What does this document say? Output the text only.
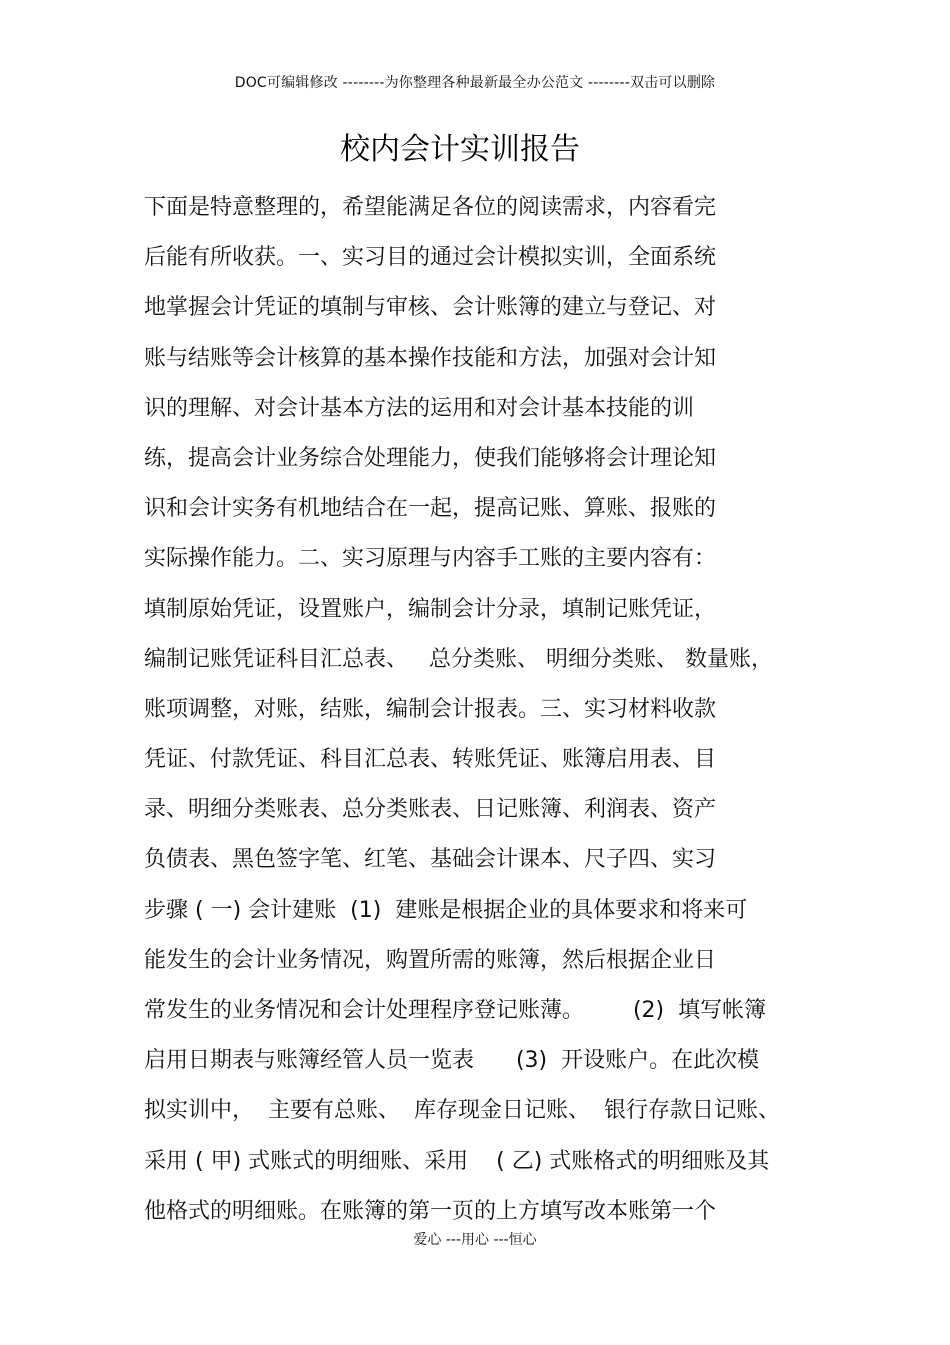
DOC可编辑修改 --------为你整理各种最新最全办公范文 --------双击可以删除
校内会计实训报告
下面是特意整理的，希望能满足各位的阅读需求，内容看完
后能有所收获。一、实习目的通过会计模拟实训，全面系统
地掌握会计凭证的填制与审核、会计账簿的建立与登记、对
账与结账等会计核算的基本操作技能和方法，加强对会计知
识的理解、对会计基本方法的运用和对会计基本技能的训
练，提高会计业务综合处理能力，使我们能够将会计理论知
识和会计实务有机地结合在一起，提高记账、算账、报账的
实际操作能力。二、实习原理与内容手工账的主要内容有：
填制原始凭证，设置账户，编制会计分录，填制记账凭证，
编制记账凭证科目汇总表、   总分类账、 明细分类账、 数量账，
账项调整，对账，结账，编制会计报表。三、实习材料收款
凭证、付款凭证、科目汇总表、转账凭证、账簿启用表、目
录、明细分类账表、总分类账表、日记账簿、利润表、资产
负债表、黑色签字笔、红笔、基础会计课本、尺子四、实习
步骤 ( 一) 会计建账  (1)  建账是根据企业的具体要求和将来可
能发生的会计业务情况，购置所需的账簿，然后根据企业日
常发生的业务情况和会计处理程序登记账薄。       (2)  填写帐簿
启用日期表与账簿经管人员一览表      (3)  开设账户。在此次模
拟实训中，  主要有总账、  库存现金日记账、  银行存款日记账、
采用 ( 甲) 式账式的明细账、采用    ( 乙) 式账格式的明细账及其
他格式的明细账。在账簿的第一页的上方填写改本账第一个
爱心 ---用心 ---恒心
